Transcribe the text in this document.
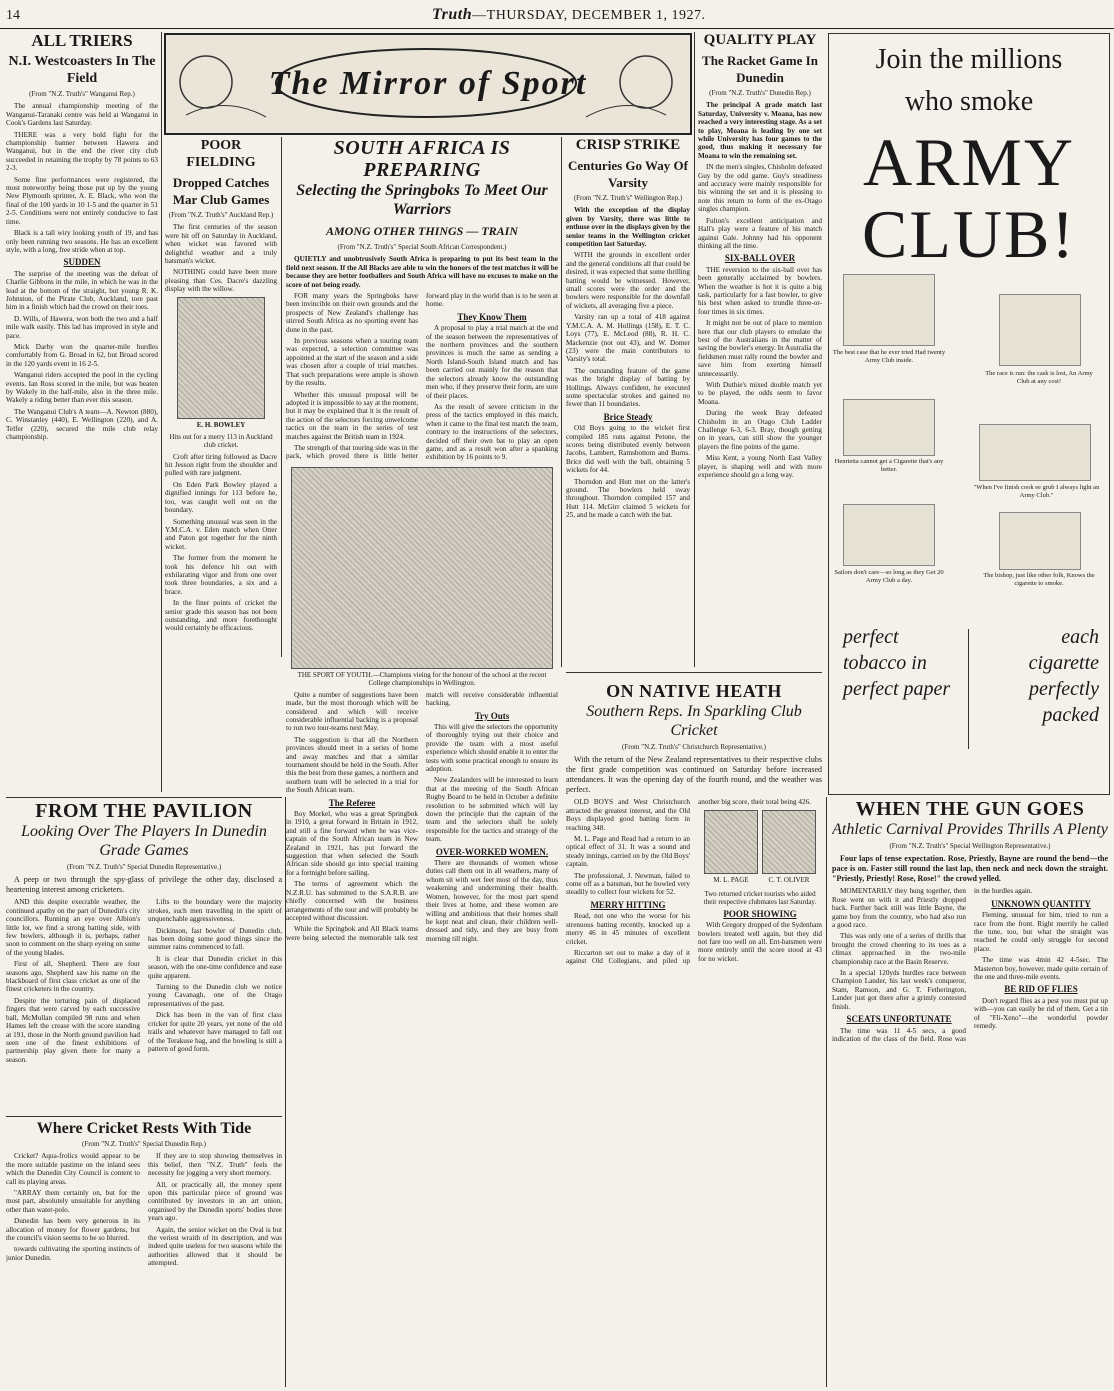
14	Truth—THURSDAY, DECEMBER 1, 1927.
ALL TRIERS
N.I. Westcoasters In The Field
(From "N.Z. Truth's" Wanganui Rep.)

The annual championship meeting of the Wanganui-Taranaki centre was held at Wanganui in Cook's Gardens last Saturday.

THERE was a very bold fight for the championship banner between Hawera and Wanganui, but in the end the river city club succeeded in retaining the trophy by 78 points to 63 2-3.

Some fine performances were registered, the most noteworthy being those put up by the young New Plymouth sprinter, A. E. Black, who won the final of the 100 yards in 10 1-5 and the quarter in 51 2-5. Conditions were not entirely conducive to fast time.

Black is a tall wiry looking youth of 19, and has only been running two seasons. He has an excellent style, with a long, free stride when at top.

SUDDEN

The surprise of the meeting was the defeat of Charlie Gibbons in the mile, in which he was in the lead at the bottom of the straight, but young R. K. Johnston, of the Pirate Club, Auckland, tore past him in a finish which had the crowd on their toes.

D. Wills, of Hawera, won both the two and a half mile walk easily. This lad has improved in style and pace.

Mick Darby won the quarter-mile hurdles comfortably from G. Broad in 62, but Broad scored in the 120 yards event in 16 2-5.

Wanganui riders accepted the pool in the cycling events. Ian Ross scored in the mile, but was beaten by Wakely in the half-mile, also in the three mile. Wakely a riding better than ever this season.

The Wanganui Club's A team—A. Newton (880), C. Winstanley (440), E. Wellington (220), and A. Telfer (220), secured the mile club relay championship.

The Mirror of Sport
POOR FIELDING
Dropped Catches Mar Club Games
(From "N.Z. Truth's" Auckland Rep.)

The first centuries of the season were hit off on Saturday in Auckland, when wicket was favored with delightful weather and a truly batsman's wicket.

NOTHING could have been more pleasing than Ces. Dacre's dazzling display with the willow.

E. H. BOWLEY
Hits out for a merry 113 in Auckland club cricket.

Croft after tiring followed as Dacre hit Jesson right from the shoulder and pulled with rare judgment.

On Eden Park Bowley played a dignified innings for 113 before he, too, was caught well out on the boundary.

Something unusual was seen in the Y.M.C.A. v. Eden match when Otter and Paton got together for the ninth wicket.

The former from the moment he took his defence hit out with exhilarating vigor and from one over took three boundaries, a six and a brace.

In the finer points of cricket the senior grade this season has not been outstanding, and more forethought would certainly be efficacious.

SOUTH AFRICA IS PREPARING
Selecting the Springboks To Meet Our Warriors
AMONG OTHER THINGS — TRAIN
(From "N.Z. Truth's" Special South African Correspondent.)

QUIETLY and unobtrusively South Africa is preparing to put its best team in the field next season. If the All Blacks are able to win the honors of the test matches it will be because they are better footballers and South Africa will have no excuses to make on the score of not being ready.

FOR many years the Springboks have been invincible on their own grounds and the prospects of New Zealand's challenge has stirred South Africa as no sporting event has done in the past.

In previous seasons when a touring team was expected, a selection committee was appointed at the start of the season and a side was chosen after a couple of trial matches. That such preparations were ample is shown by the results.

Whether this unusual proposal will be adopted it is impossible to say at the moment, but it may be explained that it is the result of the action of the selectors forcing unwelcome tactics on the team in the series of test matches against the British team in 1924.

The strength of that touring side was in the pack, which proved there is little better forward play in the world than is to be seen at home.

They Know Them

A proposal to play a trial match at the end of the season between the representatives of the northern provinces and the southern provinces is much the same as sending a North Island-South Island match and has been carried out mainly for the reason that the selectors already know the outstanding men who, if they preserve their form, are sure of their places.

As the result of severe criticism in the press of the tactics employed in this match, when it came to the final test match the team, contrary to the instructions of the selectors, decided off their own bat to play an open game, and as a result won after a spanking exhibition by 16 points to 9.

THE SPORT OF YOUTH.—Champions vieing for the honour of the school at the recent College championships in Wellington.

Quite a number of suggestions have been made, but the most thorough which will be considered and which will receive considerable influential backing is a proposal to run two tour-teams next May.

The suggestion is that all the Northern provinces should meet in a series of home and away matches and that a similar tournament should be held in the South. After this the best from these games, a northern and southern team will be selected in a trial for the South African team.

The Referee

Boy Morkel, who was a great Springbok in 1910, a great forward in Britain in 1912, and still a fine forward when he was vice-captain of the South African team in New Zealand in 1921, has put forward the suggestion that when selected the South African side should go into special training for a fortnight before sailing.

The terms of agreement which the N.Z.R.U. has submitted to the S.A.R.B. are chiefly concerned with the business arrangements of the tour and will probably be accepted without discussion.

While the Springbok and All Black teams were being selected the memorable talk test match will receive considerable influential backing.

Try Outs

This will give the selectors the opportunity of thoroughly trying out their choice and provide the team with a most useful experience which should enable it to enter the tests with some practical enough to ensure its adoption.

New Zealanders will be interested to learn that at the meeting of the South African Rugby Board to be held in October a definite resolution to be submitted which will lay down the principle that the captain of the team and the selectors shall be solely responsible for the tactics and strategy of the team.

OVER-WORKED WOMEN.

There are thousands of women whose duties call them out in all weathers, many of whom sit with wet feet most of the day, thus weakening and undermining their health. Women, however, for the most part spend their lives at home, and these women are willing and ambitious that their homes shall be kept neat and clean, their children well-dressed and tidy, and they are busy from morning till night.

CRISP STRIKE
Centuries Go Way Of Varsity
(From "N.Z. Truth's" Wellington Rep.)

With the exception of the display given by Varsity, there was little to enthuse over in the displays given by the senior teams in the Wellington cricket competition last Saturday.

WITH the grounds in excellent order and the general conditions all that could be desired, it was expected that some thrilling batting would be witnessed. However, small scores were the order and the bowlers were responsible for the downfall of wickets, all averaging five a piece.

Varsity ran up a total of 418 against Y.M.C.A. A. M. Hollings (158), E. T. C. Loys (77), E. McLeod (88), R. H. C. Mackenzie (not out 43), and W. Domer (23) were the main contributors to Varsity's total.

The outstanding feature of the game was the bright display of batting by Hollings. Always confident, he executed some spectacular strokes and gained no fewer than 11 boundaries.

Brice Steady

Old Boys going to the wicket first compiled 185 runs against Petone, the scores being distributed evenly between Jacobs, Lambert, Ramsbottom and Burns. Brice did well with the ball, obtaining 5 wickets for 44.

Thorndon and Hutt met on the latter's ground. The bowlers held sway throughout. Thorndon compiled 157 and Hutt 114. McGirr claimed 5 wickets for 25, and he made a catch with the bat.

QUALITY PLAY
The Racket Game In Dunedin
(From "N.Z. Truth's" Dunedin Rep.)

The principal A grade match last Saturday, University v. Moana, has now reached a very interesting stage. As a set to play, Moana is leading by one set while University has four games to the good, thus making it necessary for Moana to win the remaining set.

IN the men's singles, Chisholm defeated Guy by the odd game. Guy's steadiness and accuracy were mainly responsible for his winning the set and it is pleasing to note this return to form of the ex-Otago singles champion.

Fulton's excellent anticipation and Hall's play were a feature of his match against Gale. Johnny had his opponent thinking all the time.

SIX-BALL OVER

THE reversion to the six-ball over has been generally acclaimed by bowlers. When the weather is hot it is quite a big task, particularly for a fast bowler, to give his best when asked to trundle three-or-four times in six times.

It might not be out of place to mention here that our club players to emulate the best of the Australians in the matter of saving the bowler's energy. In Australia the fieldsmen must rally round the bowler and save him from exerting himself unnecessarily.

With Duthie's mixed double match yet to be played, the odds seem to favor Moana.

During the week Bray defeated Chisholm in an Otago Club Ladder Challenge 6-3, 6-3. Bray, though getting on in years, can still show the younger players the fine points of the game.

Miss Kent, a young North East Valley player, is shaping well and with more experience should go a long way.

Join the millions
who smoke
ARMY CLUB!
The best case that he ever tried Had twenty Army Club inside.
The race is run: the cask is lost, An Army Club at any cost!
Henrietta cannot get a Cigarette that's any better.
"When I've finish cook ee grub I always light an Army Club."
Sailors don't care—so long as they Get 20 Army Club a day.
The bishop, just like other folk, Knows the cigarette to smoke.
perfect tobacco in perfect paper
each cigarette perfectly packed
ON NATIVE HEATH
Southern Reps. In Sparkling Club Cricket
(From "N.Z. Truth's" Christchurch Representative.)

With the return of the New Zealand representatives to their respective clubs the first grade competition was continued on Saturday before increased attendances. It was the opening day of the fourth round, and the weather was perfect.

OLD BOYS and West Christchurch attracted the greatest interest, and the Old Boys displayed good batting form in reaching 348.

M. L. Page and Read had a return to an optical effect of 31. It was a sound and steady innings, carried on by the Old Boys' captain.

The professional, J. Newman, failed to come off as a batsman, but he bowled very steadily to collect four wickets for 52.

MERRY HITTING

Read, not one who the worse for his strenuous batting recently, knocked up a merry 46 in 45 minutes of excellent cricket.

Riccarton set out to make a day of it against Old Collegians, and piled up another big score, their total being 426.

M. L. PAGE	C. T. OLIVER
Two returned cricket tourists who aided their respective clubmates last Saturday.
POOR SHOWING

With Gregory dropped of the Sydenham bowlers treated well again, but they did not fare too well on all. Ent-batsmen were more entirely until the score stood at 43 for no wicket.

WHEN THE GUN GOES
Athletic Carnival Provides Thrills A Plenty
(From "N.Z. Truth's" Special Wellington Representative.)

Four laps of tense expectation. Rose, Priestly, Bayne are round the bend—the pace is on. Faster still round the last lap, then neck and neck down the straight. "Priestly, Priestly! Rose, Rose!" the crowd yelled.

MOMENTARILY they hung together, then Rose went on with it and Priestly dropped back. Further back still was little Bayne, the game boy from the country, who had also run a good race.

This was only one of a series of thrills that brought the crowd cheering to its toes as a climax approached in the two-mile championship race at the Basin Reserve.

In a special 120yds hurdles race between Champion Lander, his last week's conqueror, Stam, Ramson, and G. T. Fetherington, Lander just got there after a grimly contested finish.

SCEATS UNFORTUNATE

The time was 11 4-5 secs, a good indication of the class of the field. Rose was in the hurdles again.

UNKNOWN QUANTITY

Fleming, unusual for him, tried to run a race from the front. Right merrily he called the tune, too, but what the straight was reached he could only struggle for second place.

The time was 4min 42 4-5sec. The Masterton boy, however, made quite certain of the one and three-mile events.

BE RID OF FLIES

Don't regard flies as a pest you must put up with—you can easily be rid of them. Get a tin of "Fli-Xeno"—the wonderful powder remedy.

FROM THE PAVILION
Looking Over The Players In Dunedin Grade Games
(From "N.Z. Truth's" Special Dunedin Representative.)

A peep or two through the spy-glass of privilege the other day, disclosed a heartening interest among cricketers.

AND this despite execrable weather, the continued apathy on the part of Dunedin's city councillors. Running an eye over Albion's little lot, we find a strong batting side, with few bowlers, although it is, perhaps, rather soon to comment on the sharp eyeing on some of the young blades.

First of all, Shepherd. There are four seasons ago, Shepherd saw his name on the blackboard of first class cricket as one of the finest cricketers in the country.

Despite the torturing pain of displaced fingers that were carved by each successive ball, McMullan compiled 98 runs and when Hames left the crease with the score standing at 191, those in the North ground pavilion had seen one of the finest exhibitions of partnership play given there for many a season.

Lifts to the boundary were the majority strokes, such men travelling in the spirit of unquenchable aggressiveness.

Dickinson, fast bowler of Dunedin club, has been doing some good things since the summer rains commenced to fall.

It is clear that Dunedin cricket in this season, with the one-time confidence and ease quite apparent.

Turning to the Dunedin club we notice young Cavanagh, one of the Otago representatives of the past.

Dick has been in the van of first class cricket for quite 20 years, yet none of the old trails and whatever have managed to fall out of the Terakuse bag, and the bowling is still a pattern of good form.

Where Cricket Rests With Tide
(From "N.Z. Truth's" Special Dunedin Rep.)

Cricket? Aqua-frolics would appear to be the more suitable pastime on the inland sees which the Dunedin City Council is content to call its playing areas.

"ARRAY them certainly on, but for the most part, absolutely unsuitable for anything other than water-polo.

Dunedin has been very generous in its allocation of money for flower gardens, but the council's vision seems to be so blurred.

towards cultivating the sporting instincts of junior Dunedin.

If they are to stop showing themselves in this belief, then "N.Z. Truth" feels the necessity for jogging a very short memory.

All, or practically all, the money spent upon this particular piece of ground was contributed by investors in an art union, organised by the Dunedin sports' bodies three years ago.

Again, the senior wicket on the Oval is but the veriest wraith of its description, and was indeed quite useless for two seasons while the authorities allowed that it should be attempted.
